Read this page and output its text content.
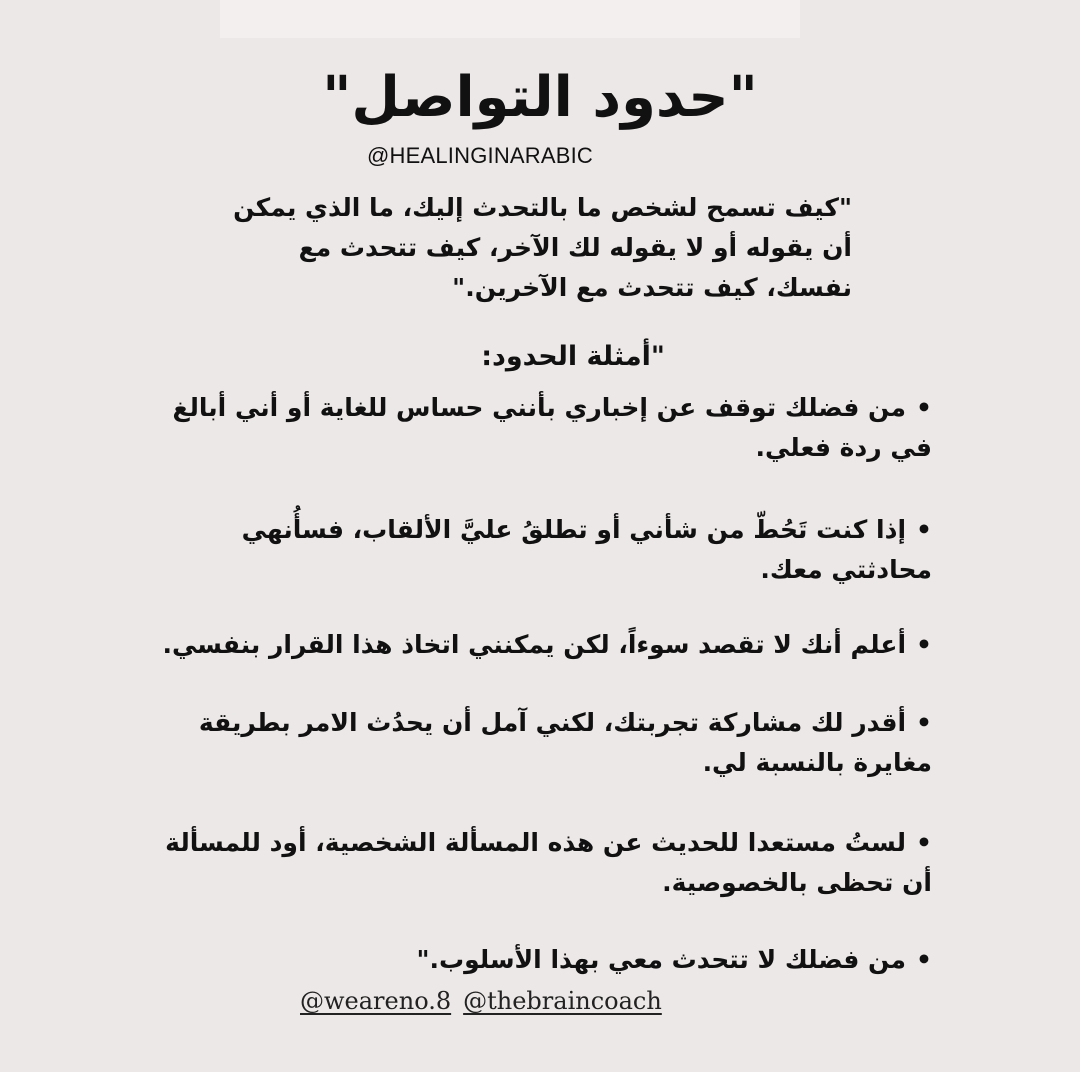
"حدود التواصل"
@HEALINGINARABIC
"كيف تسمح لشخص ما بالتحدث إليك، ما الذي يمكن أن يقوله أو لا يقوله لك الآخر، كيف تتحدث مع نفسك، كيف تتحدث مع الآخرين."
"أمثلة الحدود:
•من فضلك توقف عن إخباري بأنني حساس للغاية أو أني أبالغ في ردة فعلي.
•إذا كنت تَحُطّ من شأني أو تطلقُ عليَّ الألقاب، فسأُنهي محادثتي معك.
•أعلم أنك لا تقصد سوءاً، لكن يمكنني اتخاذ هذا القرار بنفسي.
•أقدر لك مشاركة تجربتك، لكني آمل أن يحدُث الامر بطريقة مغايرة بالنسبة لي.
•لستُ مستعدا للحديث عن هذه المسألة الشخصية، أود للمسألة أن تحظى بالخصوصية.
•من فضلك لا تتحدث معي بهذا الأسلوب."
@weareno.8 @thebraincoach
